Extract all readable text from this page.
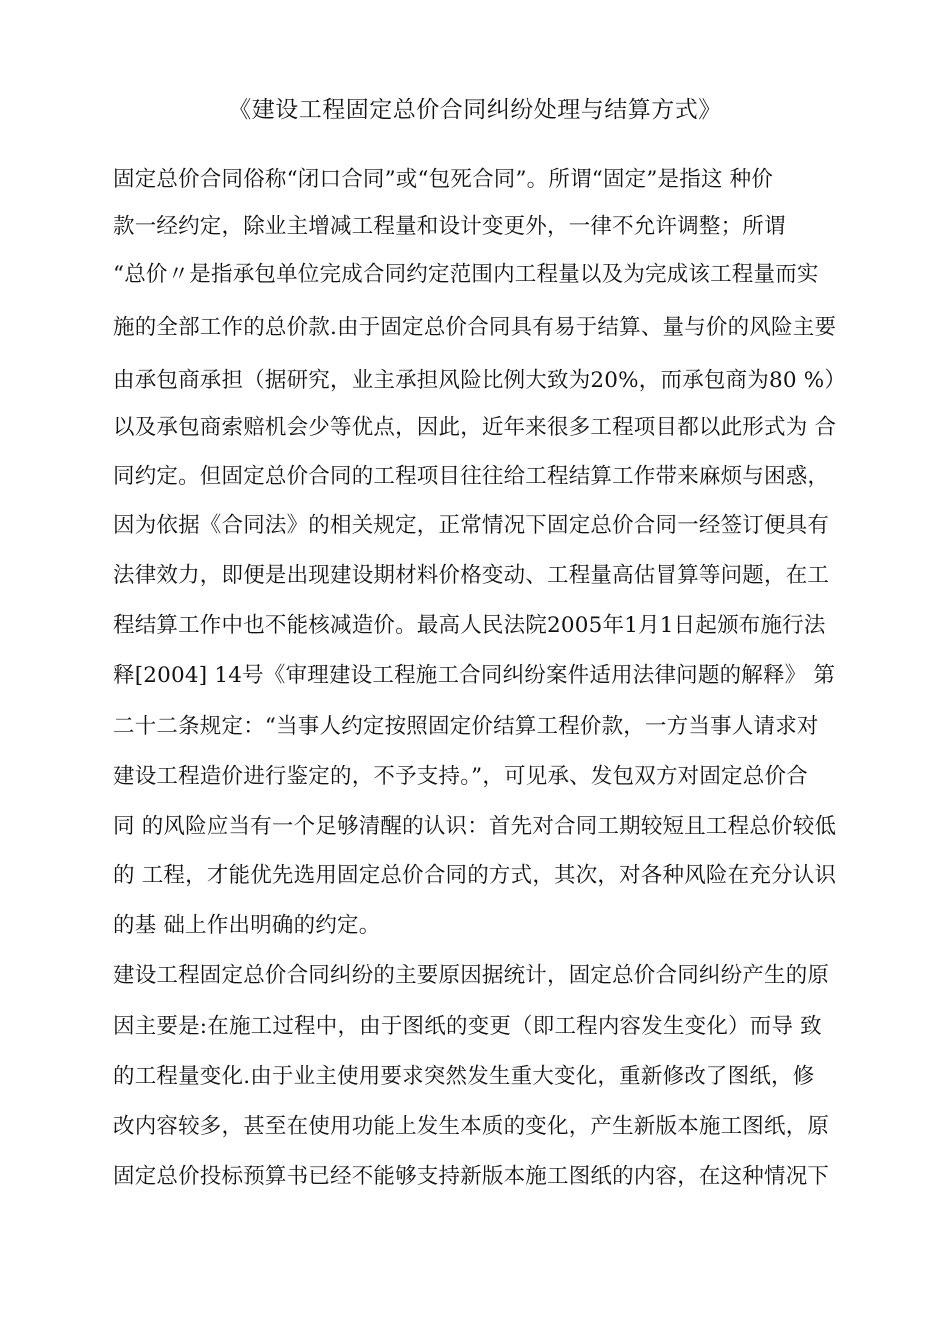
《建设工程固定总价合同纠纷处理与结算方式》
固定总价合同俗称“闭口合同”或“包死合同”。所谓“固定”是指这 种价
款一经约定，除业主增减工程量和设计变更外，一律不允许调整；所谓
“总价〃是指承包单位完成合同约定范围内工程量以及为完成该工程量而实
施的全部工作的总价款.由于固定总价合同具有易于结算、量与价的风险主要
由承包商承担（据研究，业主承担风险比例大致为20%，而承包商为80 %）
以及承包商索赔机会少等优点，因此，近年来很多工程项目都以此形式为 合
同约定。但固定总价合同的工程项目往往给工程结算工作带来麻烦与困惑，
因为依据《合同法》的相关规定，正常情况下固定总价合同一经签订便具有
法律效力，即便是出现建设期材料价格变动、工程量高估冒算等问题，在工
程结算工作中也不能核减造价。最高人民法院2005年1月1日起颁布施行法
释[2004] 14号《审理建设工程施工合同纠纷案件适用法律问题的解释》 第
二十二条规定：“当事人约定按照固定价结算工程价款，一方当事人请求对
建设工程造价进行鉴定的，不予支持。”，可见承、发包双方对固定总价合
同 的风险应当有一个足够清醒的认识：首先对合同工期较短且工程总价较低
的 工程，才能优先选用固定总价合同的方式，其次，对各种风险在充分认识
的基 础上作出明确的约定。
建设工程固定总价合同纠纷的主要原因据统计，固定总价合同纠纷产生的原
因主要是:在施工过程中，由于图纸的变更（即工程内容发生变化）而导 致
的工程量变化.由于业主使用要求突然发生重大变化，重新修改了图纸，修
改内容较多，甚至在使用功能上发生本质的变化，产生新版本施工图纸，原
固定总价投标预算书已经不能够支持新版本施工图纸的内容，在这种情况下
